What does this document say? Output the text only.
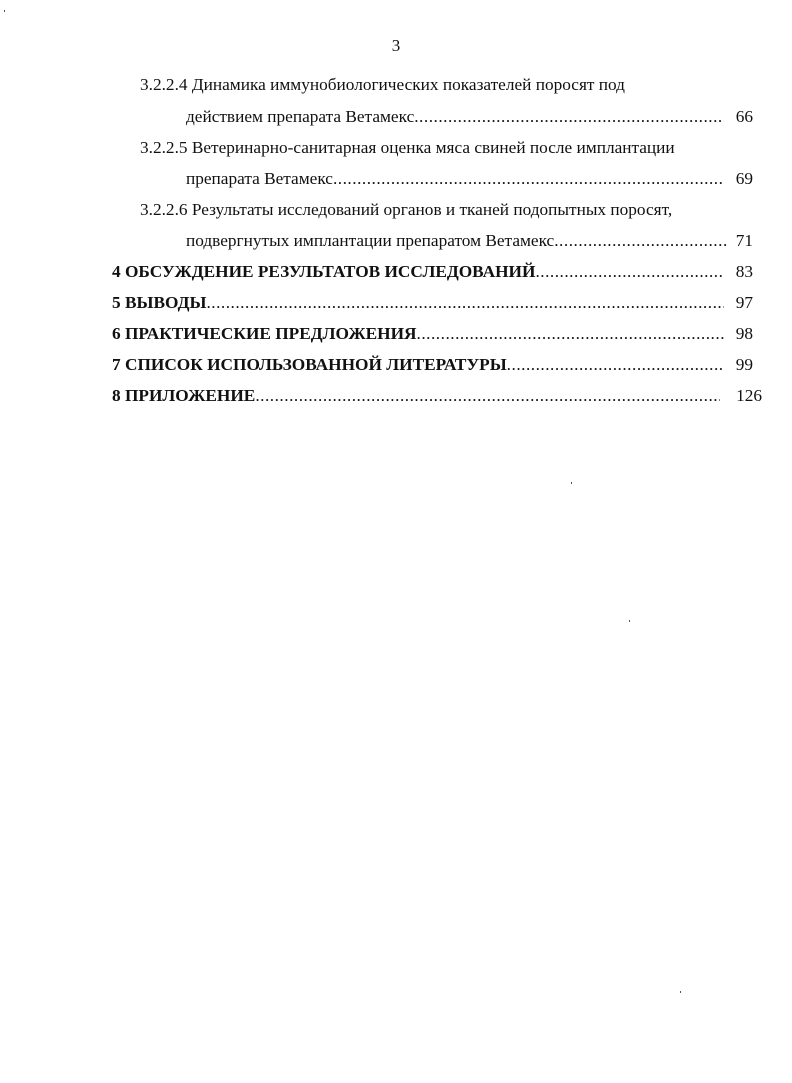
3
3.2.2.4 Динамика иммунобиологических показателей поросят под
действием препарата Ветамекс .....	66
3.2.2.5 Ветеринарно-санитарная оценка мяса свиней после имплантации
препарата Ветамекс .....	69
3.2.2.6 Результаты исследований органов и тканей подопытных поросят,
подвергнутых имплантации препаратом Ветамекс .....	71
4 ОБСУЖДЕНИЕ РЕЗУЛЬТАТОВ ИССЛЕДОВАНИЙ .....	83
5 ВЫВОДЫ .....	97
6 ПРАКТИЧЕСКИЕ ПРЕДЛОЖЕНИЯ .....	98
7 СПИСОК ИСПОЛЬЗОВАННОЙ ЛИТЕРАТУРЫ .....	99
8 ПРИЛОЖЕНИЕ .....	126
